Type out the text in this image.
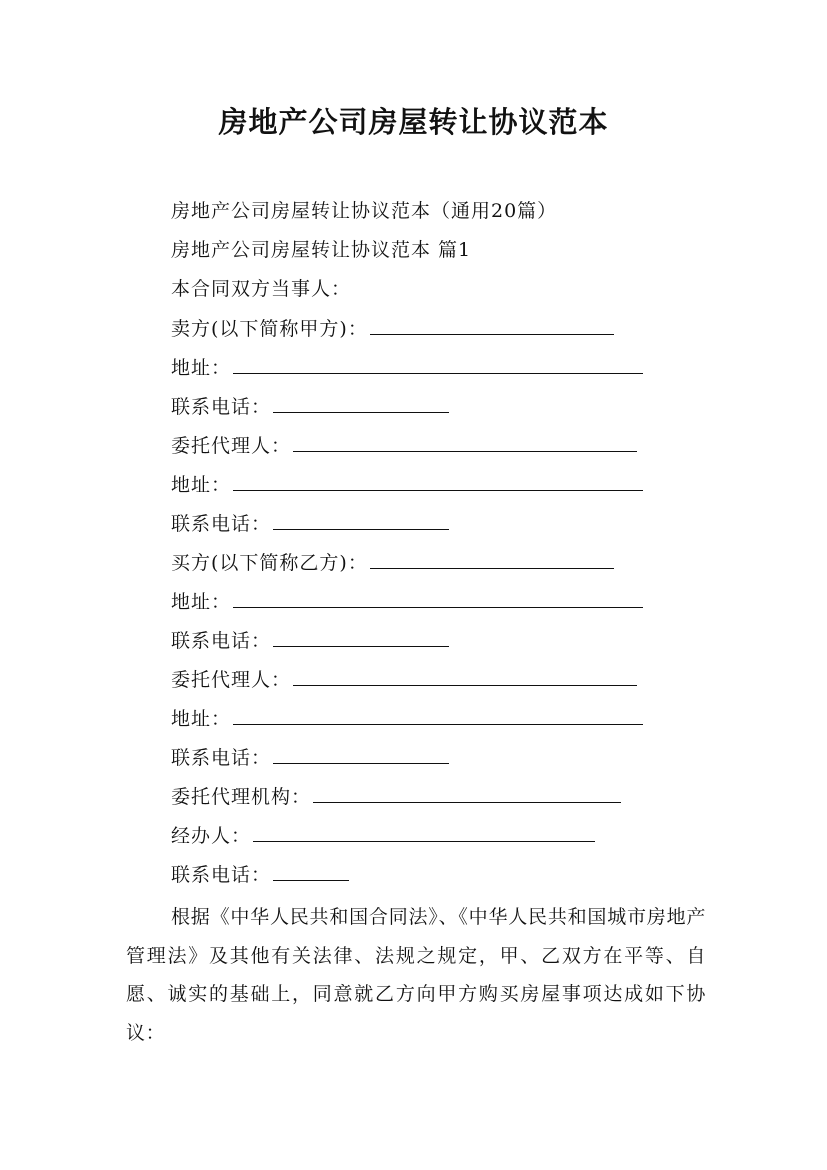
房地产公司房屋转让协议范本
房地产公司房屋转让协议范本（通用20篇）
房地产公司房屋转让协议范本 篇1
本合同双方当事人：
卖方(以下简称甲方)：
地址：
联系电话：
委托代理人：
地址：
联系电话：
买方(以下简称乙方)：
地址：
联系电话：
委托代理人：
地址：
联系电话：
委托代理机构：
经办人：
联系电话：
根据《中华人民共和国合同法》、《中华人民共和国城市房地产管理法》及其他有关法律、法规之规定，甲、乙双方在平等、自愿、诚实的基础上，同意就乙方向甲方购买房屋事项达成如下协议：
